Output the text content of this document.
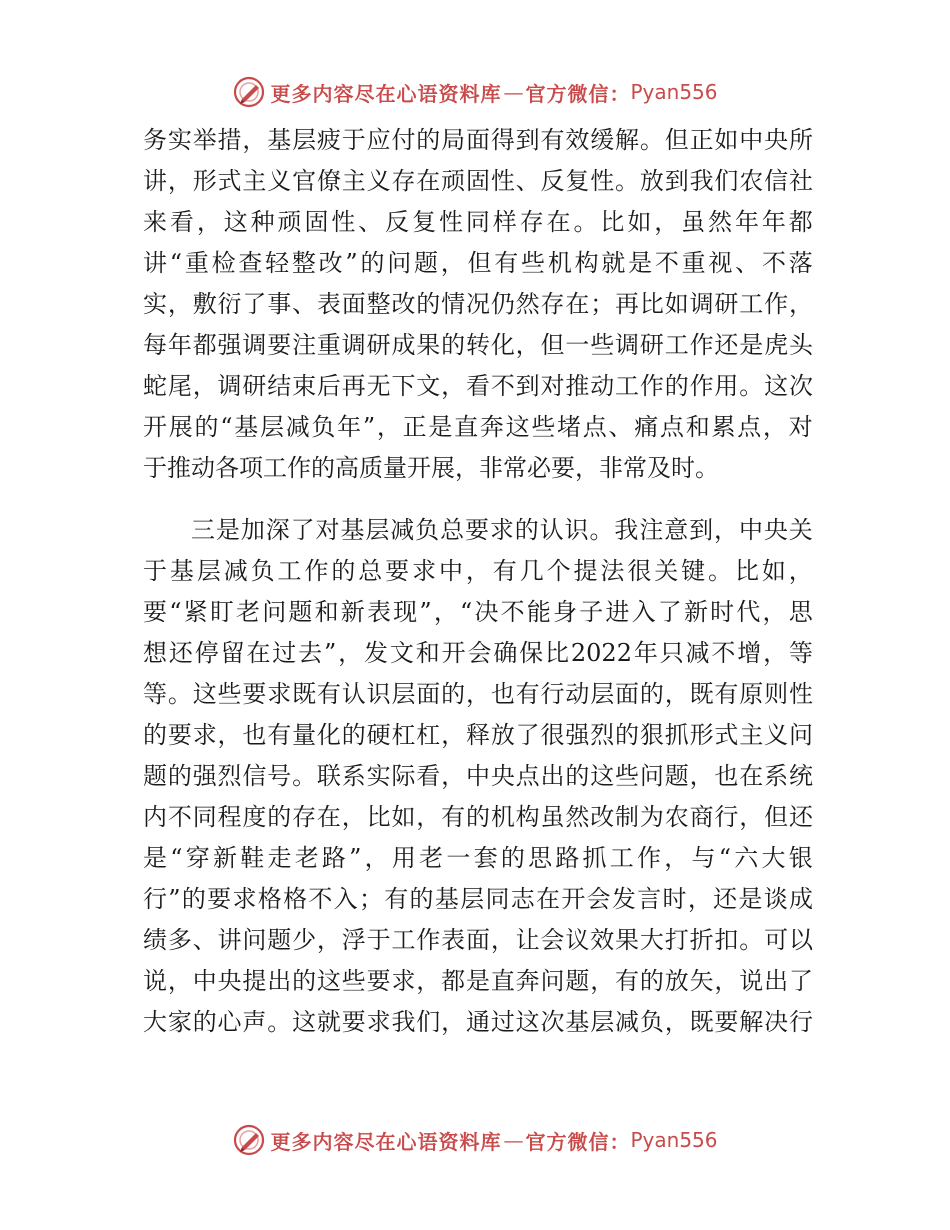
更多内容尽在心语资料库 — 官方微信： Pyan556
务 实 举 措 ， 基 层 疲 于 应 付 的 局 面 得 到 有 效 缓 解 。 但 正 如 中 央 所
讲 ， 形 式 主 义 官 僚 主 义 存 在 顽 固 性 、 反 复 性 。 放 到 我 们 农 信 社
来 看 ， 这 种 顽 固 性 、 反 复 性 同 样 存 在 。 比 如 ， 虽 然 年 年 都
讲 “ 重 检 查 轻 整 改 ” 的 问 题 ， 但 有 些 机 构 就 是 不 重 视 、 不 落
实 ， 敷 衍 了 事 、 表 面 整 改 的 情 况 仍 然 存 在 ； 再 比 如 调 研 工 作 ，
每 年 都 强 调 要 注 重 调 研 成 果 的 转 化 ， 但 一 些 调 研 工 作 还 是 虎 头
蛇 尾 ， 调 研 结 束 后 再 无 下 文 ， 看 不 到 对 推 动 工 作 的 作 用 。 这 次
开 展 的 “ 基 层 减 负 年 ” ， 正 是 直 奔 这 些 堵 点 、 痛 点 和 累 点 ， 对
于推动各项工作的高质量开展，非常必要，非常及时。
三 是 加 深 了 对 基 层 减 负 总 要 求 的 认 识 。 我 注 意 到 ， 中 央 关
于 基 层 减 负 工 作 的 总 要 求 中 ， 有 几 个 提 法 很 关 键 。 比 如 ，
要 “ 紧 盯 老 问 题 和 新 表 现 ” ， “ 决 不 能 身 子 进 入 了 新 时 代 ， 思
想 还 停 留 在 过 去 ” ， 发 文 和 开 会 确 保 比 2022 年 只 减 不 增 ， 等
等 。 这 些 要 求 既 有 认 识 层 面 的 ， 也 有 行 动 层 面 的 ， 既 有 原 则 性
的 要 求 ， 也 有 量 化 的 硬 杠 杠 ， 释 放 了 很 强 烈 的 狠 抓 形 式 主 义 问
题 的 强 烈 信 号 。 联 系 实 际 看 ， 中 央 点 出 的 这 些 问 题 ， 也 在 系 统
内 不 同 程 度 的 存 在 ， 比 如 ， 有 的 机 构 虽 然 改 制 为 农 商 行 ， 但 还
是 “ 穿 新 鞋 走 老 路 ” ， 用 老 一 套 的 思 路 抓 工 作 ， 与 “ 六 大 银
行 ” 的 要 求 格 格 不 入 ； 有 的 基 层 同 志 在 开 会 发 言 时 ， 还 是 谈 成
绩 多 、 讲 问 题 少 ， 浮 于 工 作 表 面 ， 让 会 议 效 果 大 打 折 扣 。 可 以
说 ， 中 央 提 出 的 这 些 要 求 ， 都 是 直 奔 问 题 ， 有 的 放 矢 ， 说 出 了
大 家 的 心 声 。 这 就 要 求 我 们 ， 通 过 这 次 基 层 减 负 ， 既 要 解 决 行
更多内容尽在心语资料库 — 官方微信： Pyan556
